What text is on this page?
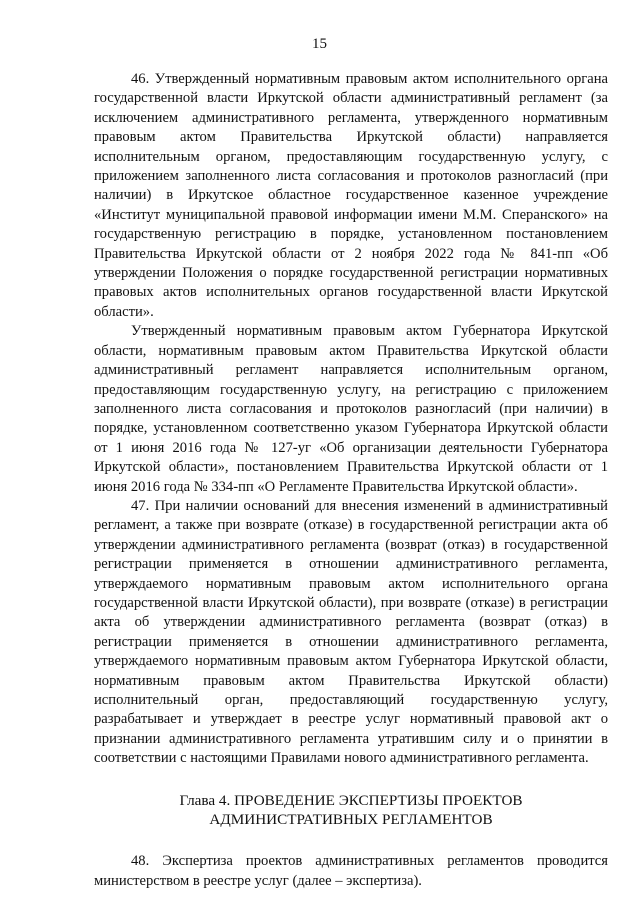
15

46. Утвержденный нормативным правовым актом исполнительного органа государственной власти Иркутской области административный регламент (за исключением административного регламента, утвержденного нормативным правовым актом Правительства Иркутской области) направляется исполнительным органом, предоставляющим государственную услугу, с приложением заполненного листа согласования и протоколов разногласий (при наличии) в Иркутское областное государственное казенное учреждение «Институт муниципальной правовой информации имени М.М. Сперанского» на государственную регистрацию в порядке, установленном постановлением Правительства Иркутской области от 2 ноября 2022 года № 841-пп «Об утверждении Положения о порядке государственной регистрации нормативных правовых актов исполнительных органов государственной власти Иркутской области».

Утвержденный нормативным правовым актом Губернатора Иркутской области, нормативным правовым актом Правительства Иркутской области административный регламент направляется исполнительным органом, предоставляющим государственную услугу, на регистрацию с приложением заполненного листа согласования и протоколов разногласий (при наличии) в порядке, установленном соответственно указом Губернатора Иркутской области от 1 июня 2016 года № 127-уг «Об организации деятельности Губернатора Иркутской области», постановлением Правительства Иркутской области от 1 июня 2016 года № 334-пп «О Регламенте Правительства Иркутской области».

47. При наличии оснований для внесения изменений в административный регламент, а также при возврате (отказе) в государственной регистрации акта об утверждении административного регламента (возврат (отказ) в государственной регистрации применяется в отношении административного регламента, утверждаемого нормативным правовым актом исполнительного органа государственной власти Иркутской области), при возврате (отказе) в регистрации акта об утверждении административного регламента (возврат (отказ) в регистрации применяется в отношении административного регламента, утверждаемого нормативным правовым актом Губернатора Иркутской области, нормативным правовым актом Правительства Иркутской области) исполнительный орган, предоставляющий государственную услугу, разрабатывает и утверждает в реестре услуг нормативный правовой акт о признании административного регламента утратившим силу и о принятии в соответствии с настоящими Правилами нового административного регламента.

Глава 4. ПРОВЕДЕНИЕ ЭКСПЕРТИЗЫ ПРОЕКТОВ
АДМИНИСТРАТИВНЫХ РЕГЛАМЕНТОВ

48. Экспертиза проектов административных регламентов проводится министерством в реестре услуг (далее – экспертиза).
